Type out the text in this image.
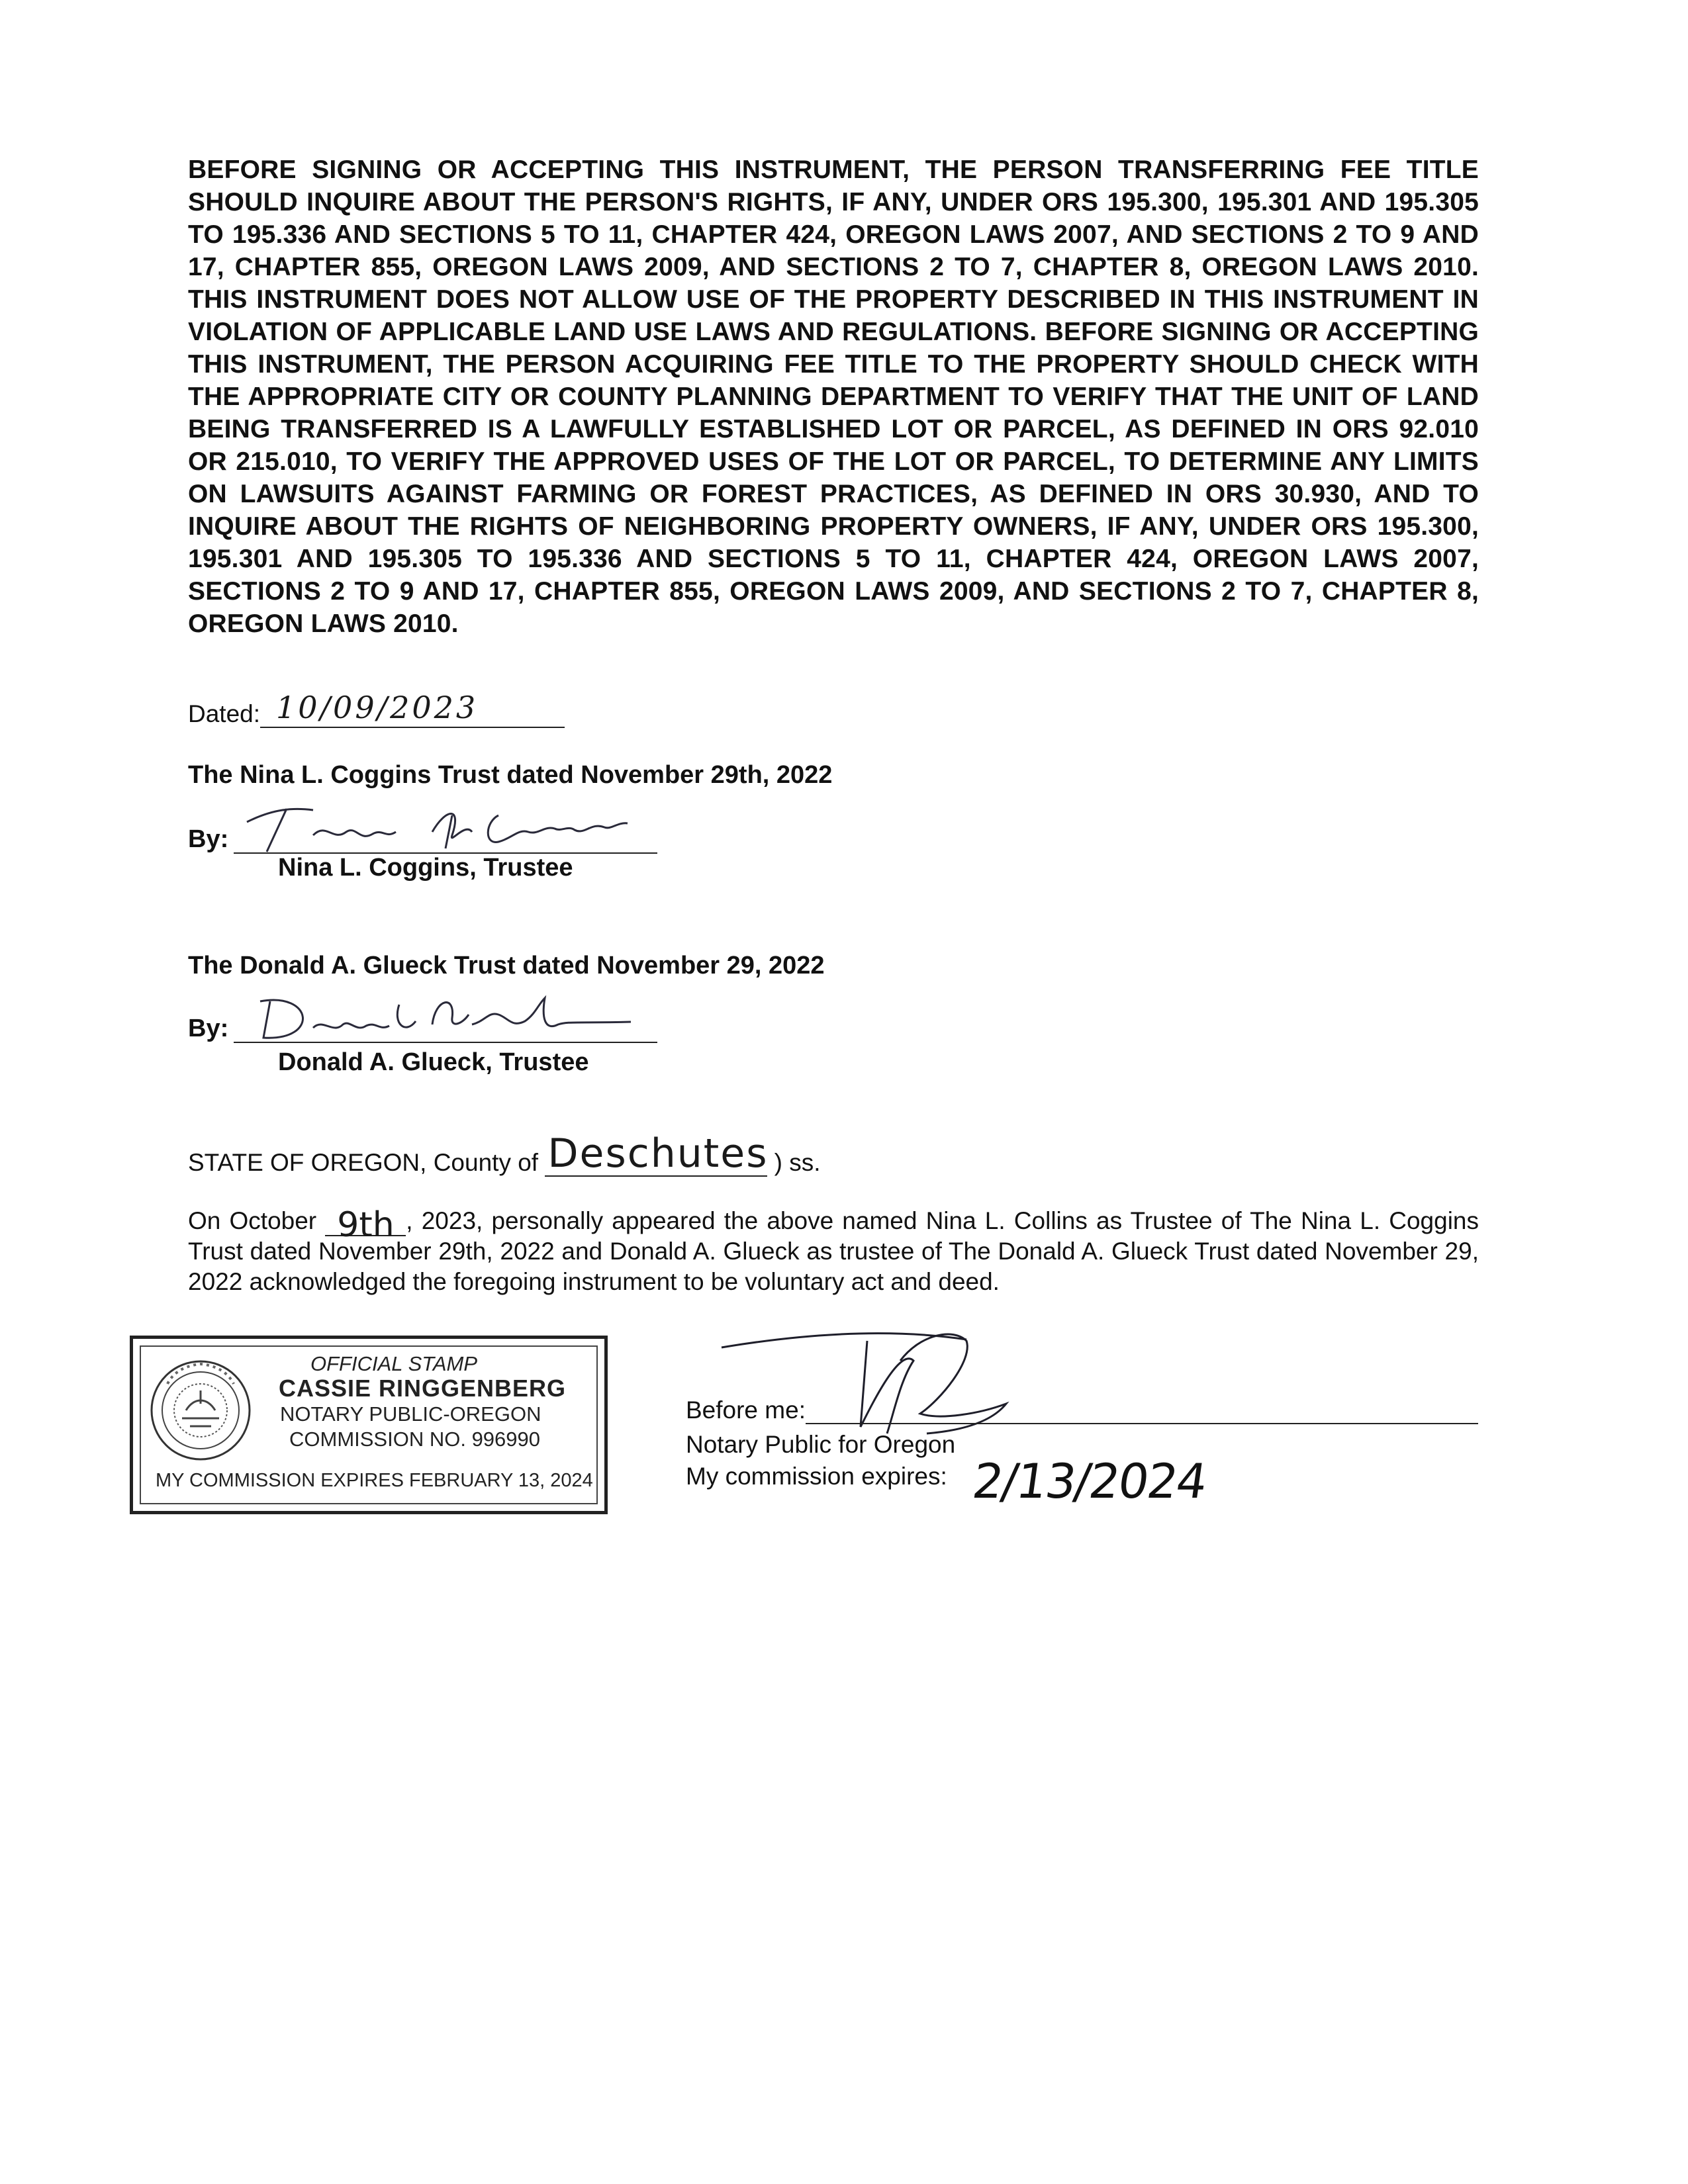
BEFORE SIGNING OR ACCEPTING THIS INSTRUMENT, THE PERSON TRANSFERRING FEE TITLE SHOULD INQUIRE ABOUT THE PERSON'S RIGHTS, IF ANY, UNDER ORS 195.300, 195.301 AND 195.305 TO 195.336 AND SECTIONS 5 TO 11, CHAPTER 424, OREGON LAWS 2007, AND SECTIONS 2 TO 9 AND 17, CHAPTER 855, OREGON LAWS 2009, AND SECTIONS 2 TO 7, CHAPTER 8, OREGON LAWS 2010. THIS INSTRUMENT DOES NOT ALLOW USE OF THE PROPERTY DESCRIBED IN THIS INSTRUMENT IN VIOLATION OF APPLICABLE LAND USE LAWS AND REGULATIONS. BEFORE SIGNING OR ACCEPTING THIS INSTRUMENT, THE PERSON ACQUIRING FEE TITLE TO THE PROPERTY SHOULD CHECK WITH THE APPROPRIATE CITY OR COUNTY PLANNING DEPARTMENT TO VERIFY THAT THE UNIT OF LAND BEING TRANSFERRED IS A LAWFULLY ESTABLISHED LOT OR PARCEL, AS DEFINED IN ORS 92.010 OR 215.010, TO VERIFY THE APPROVED USES OF THE LOT OR PARCEL, TO DETERMINE ANY LIMITS ON LAWSUITS AGAINST FARMING OR FOREST PRACTICES, AS DEFINED IN ORS 30.930, AND TO INQUIRE ABOUT THE RIGHTS OF NEIGHBORING PROPERTY OWNERS, IF ANY, UNDER ORS 195.300, 195.301 AND 195.305 TO 195.336 AND SECTIONS 5 TO 11, CHAPTER 424, OREGON LAWS 2007, SECTIONS 2 TO 9 AND 17, CHAPTER 855, OREGON LAWS 2009, AND SECTIONS 2 TO 7, CHAPTER 8, OREGON LAWS 2010.

Dated: 10/09/2023
The Nina L. Coggins Trust dated November 29th, 2022
By:
Nina L. Coggins, Trustee
The Donald A. Glueck Trust dated November 29, 2022
By:
Donald A. Glueck, Trustee
STATE OF OREGON, County of Deschutes ) ss.

On October 9th , 2023, personally appeared the above named Nina L. Collins as Trustee of The Nina L. Coggins Trust dated November 29th, 2022 and Donald A. Glueck as trustee of The Donald A. Glueck Trust dated November 29, 2022 acknowledged the foregoing instrument to be voluntary act and deed.

OFFICIAL STAMP
CASSIE RINGGENBERG
NOTARY PUBLIC-OREGON
COMMISSION NO. 996990
MY COMMISSION EXPIRES FEBRUARY 13, 2024
Before me:
Notary Public for Oregon
My commission expires: 2/13/2024
